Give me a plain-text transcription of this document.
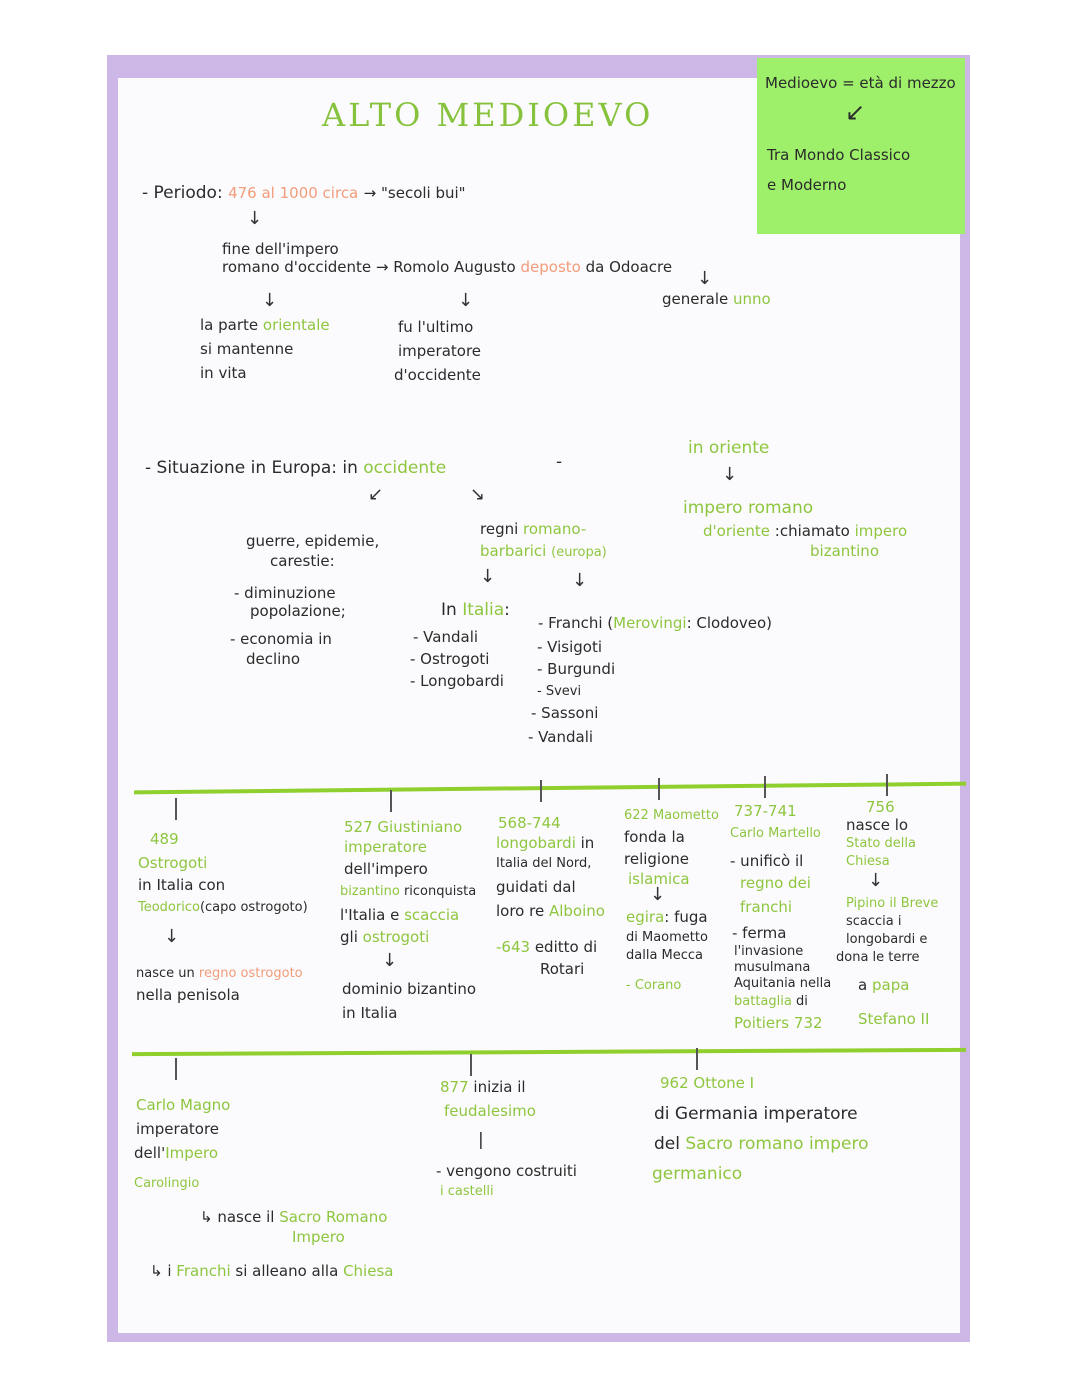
ALTO MEDIOEVO
Medioevo = età di mezzo
↙
Tra Mondo Classico
e Moderno
- Periodo: 476 al 1000 circa → "secoli bui"
↓
fine dell'impero
romano d'occidente → Romolo Augusto deposto da Odoacre
↓
generale unno
↓	↓
la parte orientale
si mantenne
in vita
fu l'ultimo
imperatore
d'occidente
- Situazione in Europa: in occidente	-
in oriente
↓
impero romano
d'oriente :chiamato impero
bizantino
↙	↘
guerre, epidemie,
carestie:
- diminuzione
popolazione;
- economia in
declino
regni romano-
barbarici (europa)
↓	↓
In Italia:
- Vandali
- Ostrogoti
- Longobardi
- Franchi (Merovingi: Clodoveo)
- Visigoti
- Burgundi
- Svevi
- Sassoni
- Vandali
489
Ostrogoti
in Italia con
Teodorico(capo ostrogoto)
↓
nasce un regno ostrogoto
nella penisola
527 Giustiniano
imperatore
dell'impero
bizantino riconquista
l'Italia e scaccia
gli ostrogoti
↓
dominio bizantino
in Italia
568-744
longobardi in
Italia del Nord,
guidati dal
loro re Alboino
-643 editto di
Rotari
622 Maometto
fonda la
religione
islamica
↓
egira: fuga
di Maometto
dalla Mecca
- Corano
737-741
Carlo Martello
- unificò il
regno dei
franchi
- ferma
l'invasione
musulmana
Aquitania nella
battaglia di
Poitiers 732
756
nasce lo
Stato della
Chiesa
↓
Pipino il Breve
scaccia i
longobardi e
dona le terre
a papa
Stefano II
Carlo Magno
imperatore
dell'Impero
Carolingio
↳ nasce il Sacro Romano
Impero
↳ i Franchi si alleano alla Chiesa
877 inizia il
feudalesimo
|
- vengono costruiti
i castelli
962 Ottone I
di Germania imperatore
del Sacro romano impero
germanico
